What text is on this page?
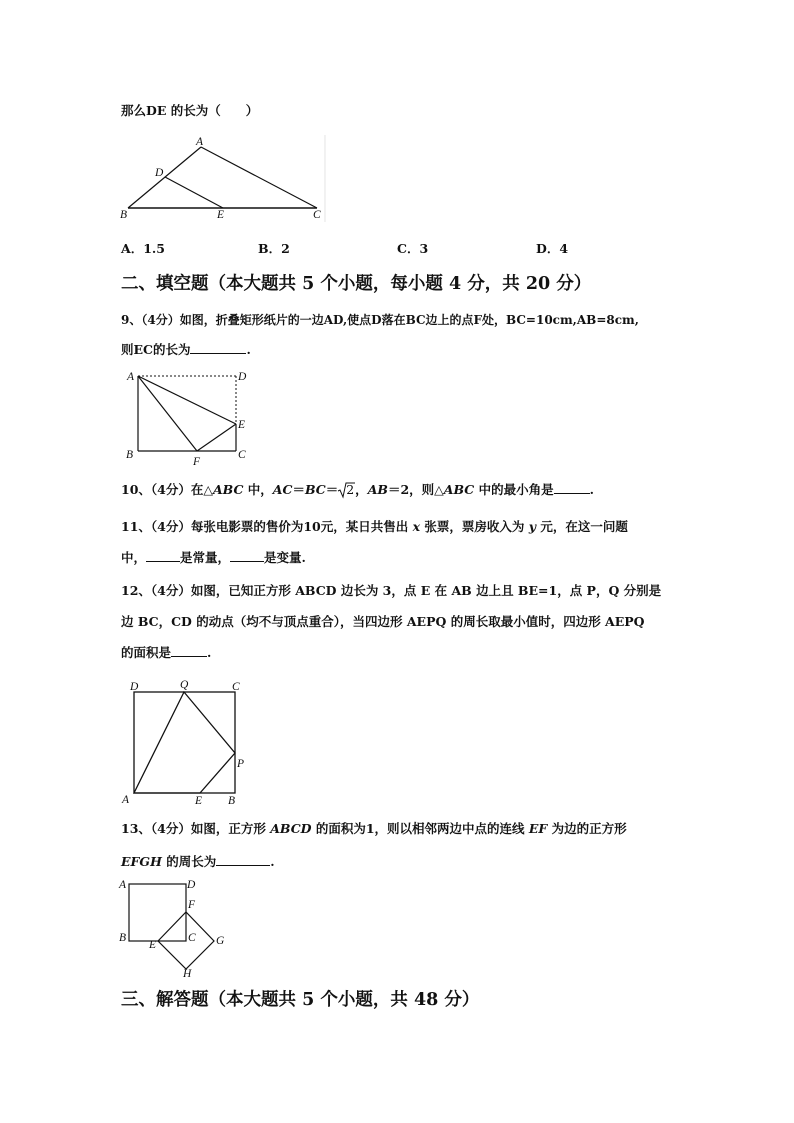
那么DE 的长为（　　）
A
D
B	E	C
A．1.5	B．2	C．3	D．4
二、填空题（本大题共 5 个小题，每小题 4 分，共 20 分）
9、（4分）如图，折叠矩形纸片的一边AD,使点D落在BC边上的点F处，BC=10cm,AB=8cm,
则EC的长为	.
A	D
E
B
F
C
10、（4分）在△ABC 中，AC＝BC＝ 2，AB＝2，则△ABC 中的最小角是	.
11、（4分）每张电影票的售价为10元，某日共售出 x 张票，票房收入为 y 元，在这一问题
中，	是常量，	是变量.
12、（4分）如图，已知正方形 ABCD 边长为 3，点 E 在 AB 边上且 BE=1，点 P，Q 分别是
边 BC，CD 的动点（均不与顶点重合），当四边形 AEPQ 的周长取最小值时，四边形 AEPQ
的面积是	.
D	Q	C
P
A	E B
13、（4分）如图，正方形 ABCD 的面积为1，则以相邻两边中点的连线 EF 为边的正方形
EFGH 的周长为	.
A	D
F
B
E
C G
H
三、解答题（本大题共 5 个小题，共 48 分）
